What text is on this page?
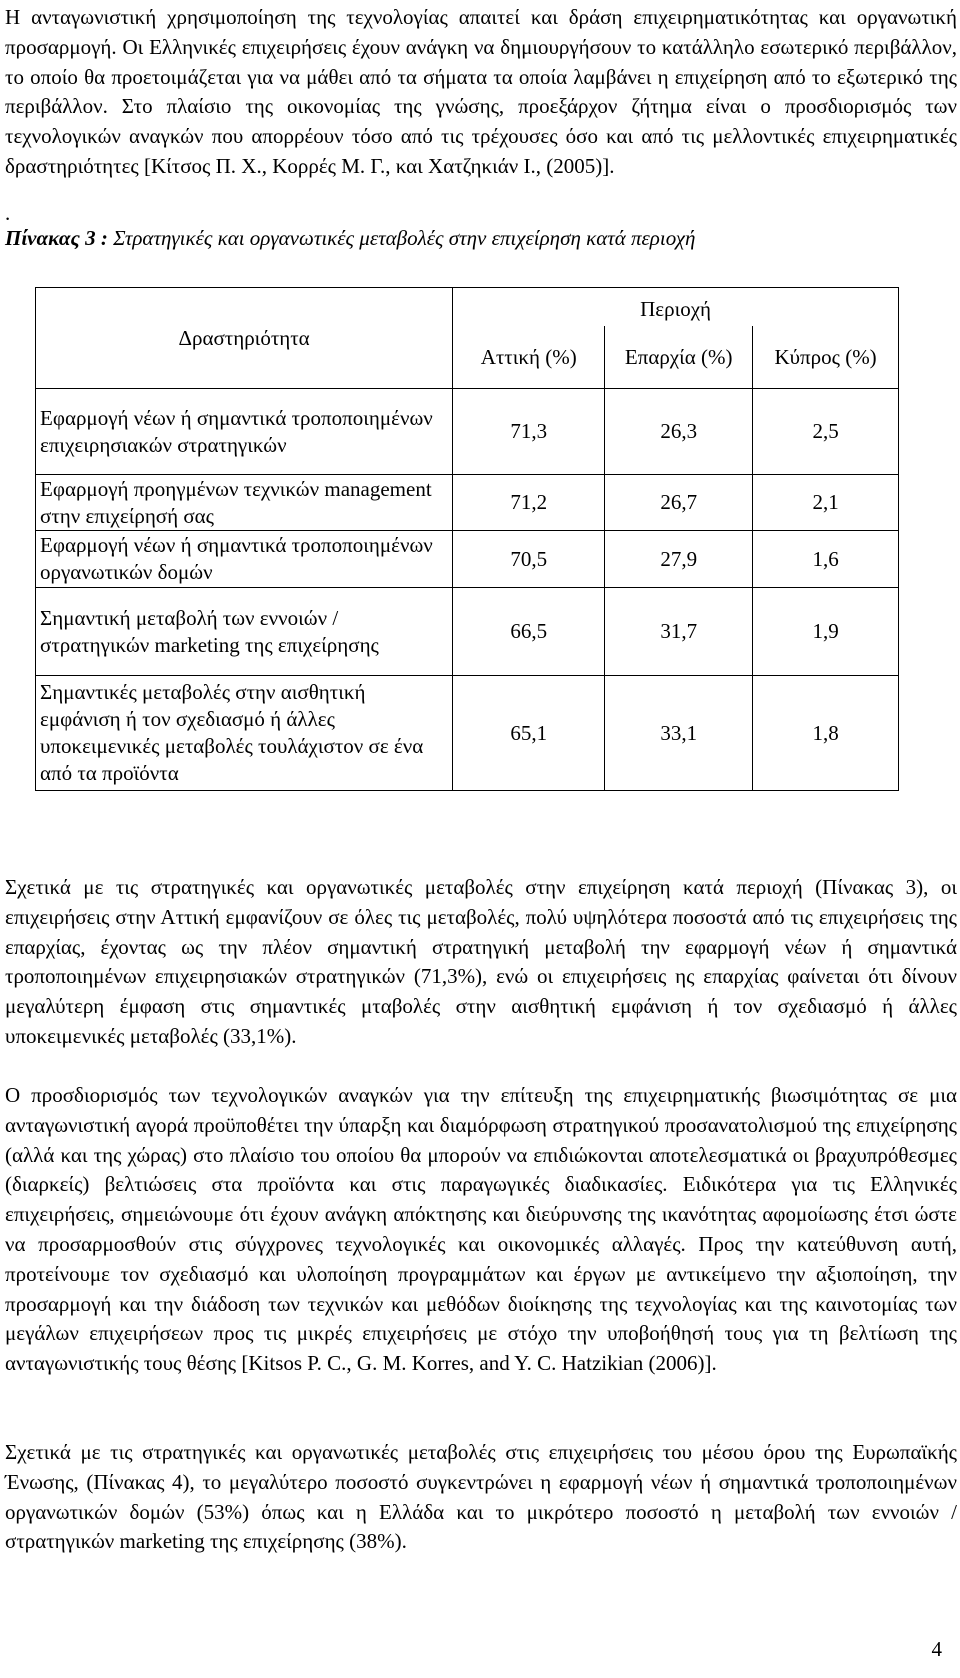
Η ανταγωνιστική χρησιμοποίηση της τεχνολογίας απαιτεί και δράση επιχειρηματικότητας και οργανωτική προσαρμογή. Οι Ελληνικές επιχειρήσεις έχουν ανάγκη να δημιουργήσουν το κατάλληλο εσωτερικό περιβάλλον, το οποίο θα προετοιμάζεται για να μάθει από τα σήματα τα οποία λαμβάνει η επιχείρηση από το εξωτερικό της περιβάλλον. Στο πλαίσιο της οικονομίας της γνώσης, προεξάρχον ζήτημα είναι ο προσδιορισμός των τεχνολογικών αναγκών που απορρέουν τόσο από τις τρέχουσες όσο και από τις μελλοντικές επιχειρηματικές δραστηριότητες [Κίτσος Π. Χ., Κορρές Μ. Γ., και Χατζηκιάν Ι., (2005)].

.

Πίνακας 3 : Στρατηγικές και οργανωτικές μεταβολές στην επιχείρηση κατά περιοχή

Δραστηριότητα	Περιοχή		
	Αττική (%)	Επαρχία (%)	Κύπρος (%)
Εφαρμογή νέων ή σημαντικά τροποποιημένων επιχειρησιακών στρατηγικών	71,3	26,3	2,5
Εφαρμογή προηγμένων τεχνικών management στην επιχείρησή σας	71,2	26,7	2,1
Εφαρμογή νέων ή σημαντικά τροποποιημένων οργανωτικών δομών	70,5	27,9	1,6
Σημαντική μεταβολή των εννοιών / στρατηγικών marketing της επιχείρησης	66,5	31,7	1,9
Σημαντικές μεταβολές στην αισθητική εμφάνιση ή τον σχεδιασμό ή άλλες υποκειμενικές μεταβολές τουλάχιστον σε ένα από τα προϊόντα	65,1	33,1	1,8

Σχετικά με τις στρατηγικές και οργανωτικές μεταβολές στην επιχείρηση κατά περιοχή (Πίνακας 3), οι επιχειρήσεις στην Αττική εμφανίζουν σε όλες τις μεταβολές, πολύ υψηλότερα ποσοστά από τις επιχειρήσεις της επαρχίας, έχοντας ως την πλέον σημαντική στρατηγική μεταβολή την εφαρμογή νέων ή σημαντικά τροποποιημένων επιχειρησιακών στρατηγικών (71,3%), ενώ οι επιχειρήσεις ης επαρχίας φαίνεται ότι δίνουν μεγαλύτερη έμφαση στις σημαντικές μταβολές στην αισθητική εμφάνιση ή τον σχεδιασμό ή άλλες υποκειμενικές μεταβολές (33,1%).

Ο προσδιορισμός των τεχνολογικών αναγκών για την επίτευξη της επιχειρηματικής βιωσιμότητας σε μια ανταγωνιστική αγορά προϋποθέτει την ύπαρξη και διαμόρφωση στρατηγικού προσανατολισμού της επιχείρησης (αλλά και της χώρας) στο πλαίσιο του οποίου θα μπορούν να επιδιώκονται αποτελεσματικά οι βραχυπρόθεσμες (διαρκείς) βελτιώσεις στα προϊόντα και στις παραγωγικές διαδικασίες. Ειδικότερα για τις Ελληνικές επιχειρήσεις, σημειώνουμε ότι έχουν ανάγκη απόκτησης και διεύρυνσης της ικανότητας αφομοίωσης έτσι ώστε να προσαρμοσθούν στις σύγχρονες τεχνολογικές και οικονομικές αλλαγές. Προς την κατεύθυνση αυτή, προτείνουμε τον σχεδιασμό και υλοποίηση προγραμμάτων και έργων με αντικείμενο την αξιοποίηση, την προσαρμογή και την διάδοση των τεχνικών και μεθόδων διοίκησης της τεχνολογίας και της καινοτομίας των μεγάλων επιχειρήσεων προς τις μικρές επιχειρήσεις με στόχο την υποβοήθησή τους για τη βελτίωση της ανταγωνιστικής τους θέσης [Kitsos P. C., G. M. Korres, and Y. C. Hatzikian (2006)].

Σχετικά με τις στρατηγικές και οργανωτικές μεταβολές στις επιχειρήσεις του μέσου όρου της Ευρωπαϊκής Ένωσης, (Πίνακας 4), το μεγαλύτερο ποσοστό συγκεντρώνει η εφαρμογή νέων ή σημαντικά τροποποιημένων οργανωτικών δομών (53%) όπως και η Ελλάδα και το μικρότερο ποσοστό η μεταβολή των εννοιών / στρατηγικών marketing της επιχείρησης (38%).

4
